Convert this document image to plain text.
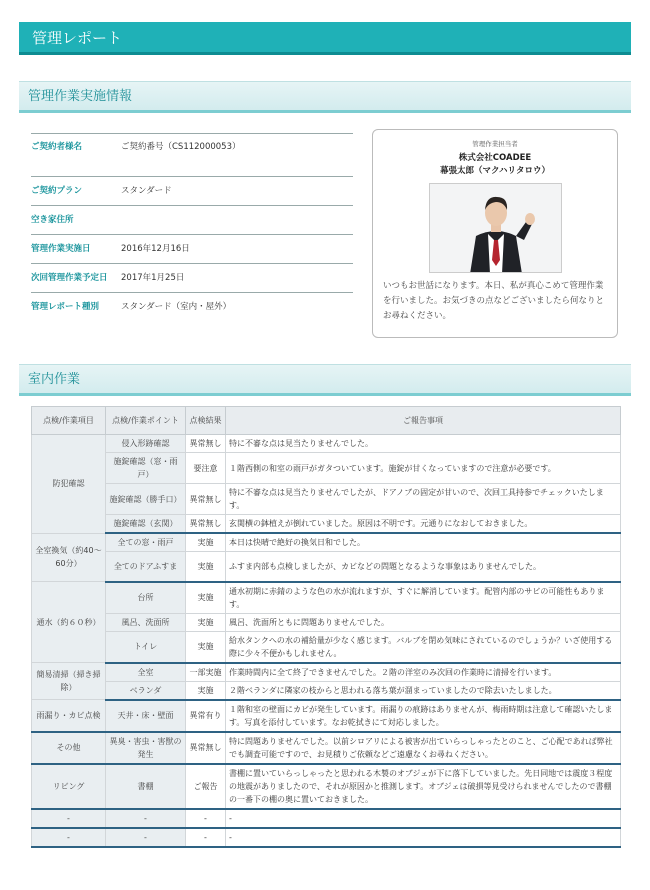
管理レポート
管理作業実施情報
ご契約者様名	ご契約番号（CS112000053）
ご契約プラン	スタンダード
空き家住所
管理作業実施日	2016年12月16日
次回管理作業予定日 2017年1月25日
管理レポート種別	スタンダード（室内・屋外）
管理作業担当者
株式会社COADEE
幕張太郎（マクハリタロウ）
いつもお世話になります。本日、私が真心こめて管理作業を行いました。お気づきの点などございましたら何なりとお尋ねください。
室内作業
点検/作業項目	点検/作業ポイント	点検結果	ご報告事項
防犯確認	侵入形跡確認	異常無し	特に不審な点は見当たりませんでした。
	施錠確認（窓・雨戸）	要注意	１階西側の和室の雨戸がガタついています。施錠が甘くなっていますので注意が必要です。
	施錠確認（勝手口）	異常無し	特に不審な点は見当たりませんでしたが、ドアノブの固定が甘いので、次回工具持参でチェックいたします。
	施錠確認（玄関）	異常無し	玄関横の鉢植えが倒れていました。原因は不明です。元通りになおしておきました。
全室換気（約40～60分）	全ての窓・雨戸	実施	本日は快晴で絶好の換気日和でした。
	全てのドアふすま	実施	ふすま内部も点検しましたが、カビなどの問題となるような事象はありませんでした。
通水（約６０秒）	台所	実施	通水初期に赤錆のような色の水が流れますが、すぐに解消しています。配管内部のサビの可能性もあります。
	風呂、洗面所	実施	風呂、洗面所ともに問題ありませんでした。
	トイレ	実施	給水タンクへの水の補給量が少なく感じます。バルブを閉め気味にされているのでしょうか？いざ使用する際に少々不便かもしれません。
簡易清掃（掃き掃除）	全室	一部実施	作業時間内に全て終了できませんでした。２階の洋室のみ次回の作業時に清掃を行います。
	ベランダ	実施	２階ベランダに隣家の枝からと思われる落ち葉が溜まっていましたので除去いたしました。
雨漏り・カビ点検	天井・床・壁面	異常有り	１階和室の壁面にカビが発生しています。雨漏りの痕跡はありませんが、梅雨時期は注意して確認いたします。写真を添付しています。なお乾拭きにて対応しました。
その他	異臭・害虫・害獣の発生	異常無し	特に問題ありませんでした。以前シロアリによる被害が出ていらっしゃったとのこと、ご心配であれば弊社でも調査可能ですので、お見積りご依頼などご遠慮なくお尋ねください。
リビング	書棚	ご報告	書棚に置いていらっしゃったと思われる木製のオブジェが下に落下していました。先日同地では震度３程度の地震がありましたので、それが原因かと推測します。オブジェは破損等見受けられませんでしたので書棚の一番下の棚の奥に置いておきました。
-	-	-	-
-	-	-	-
